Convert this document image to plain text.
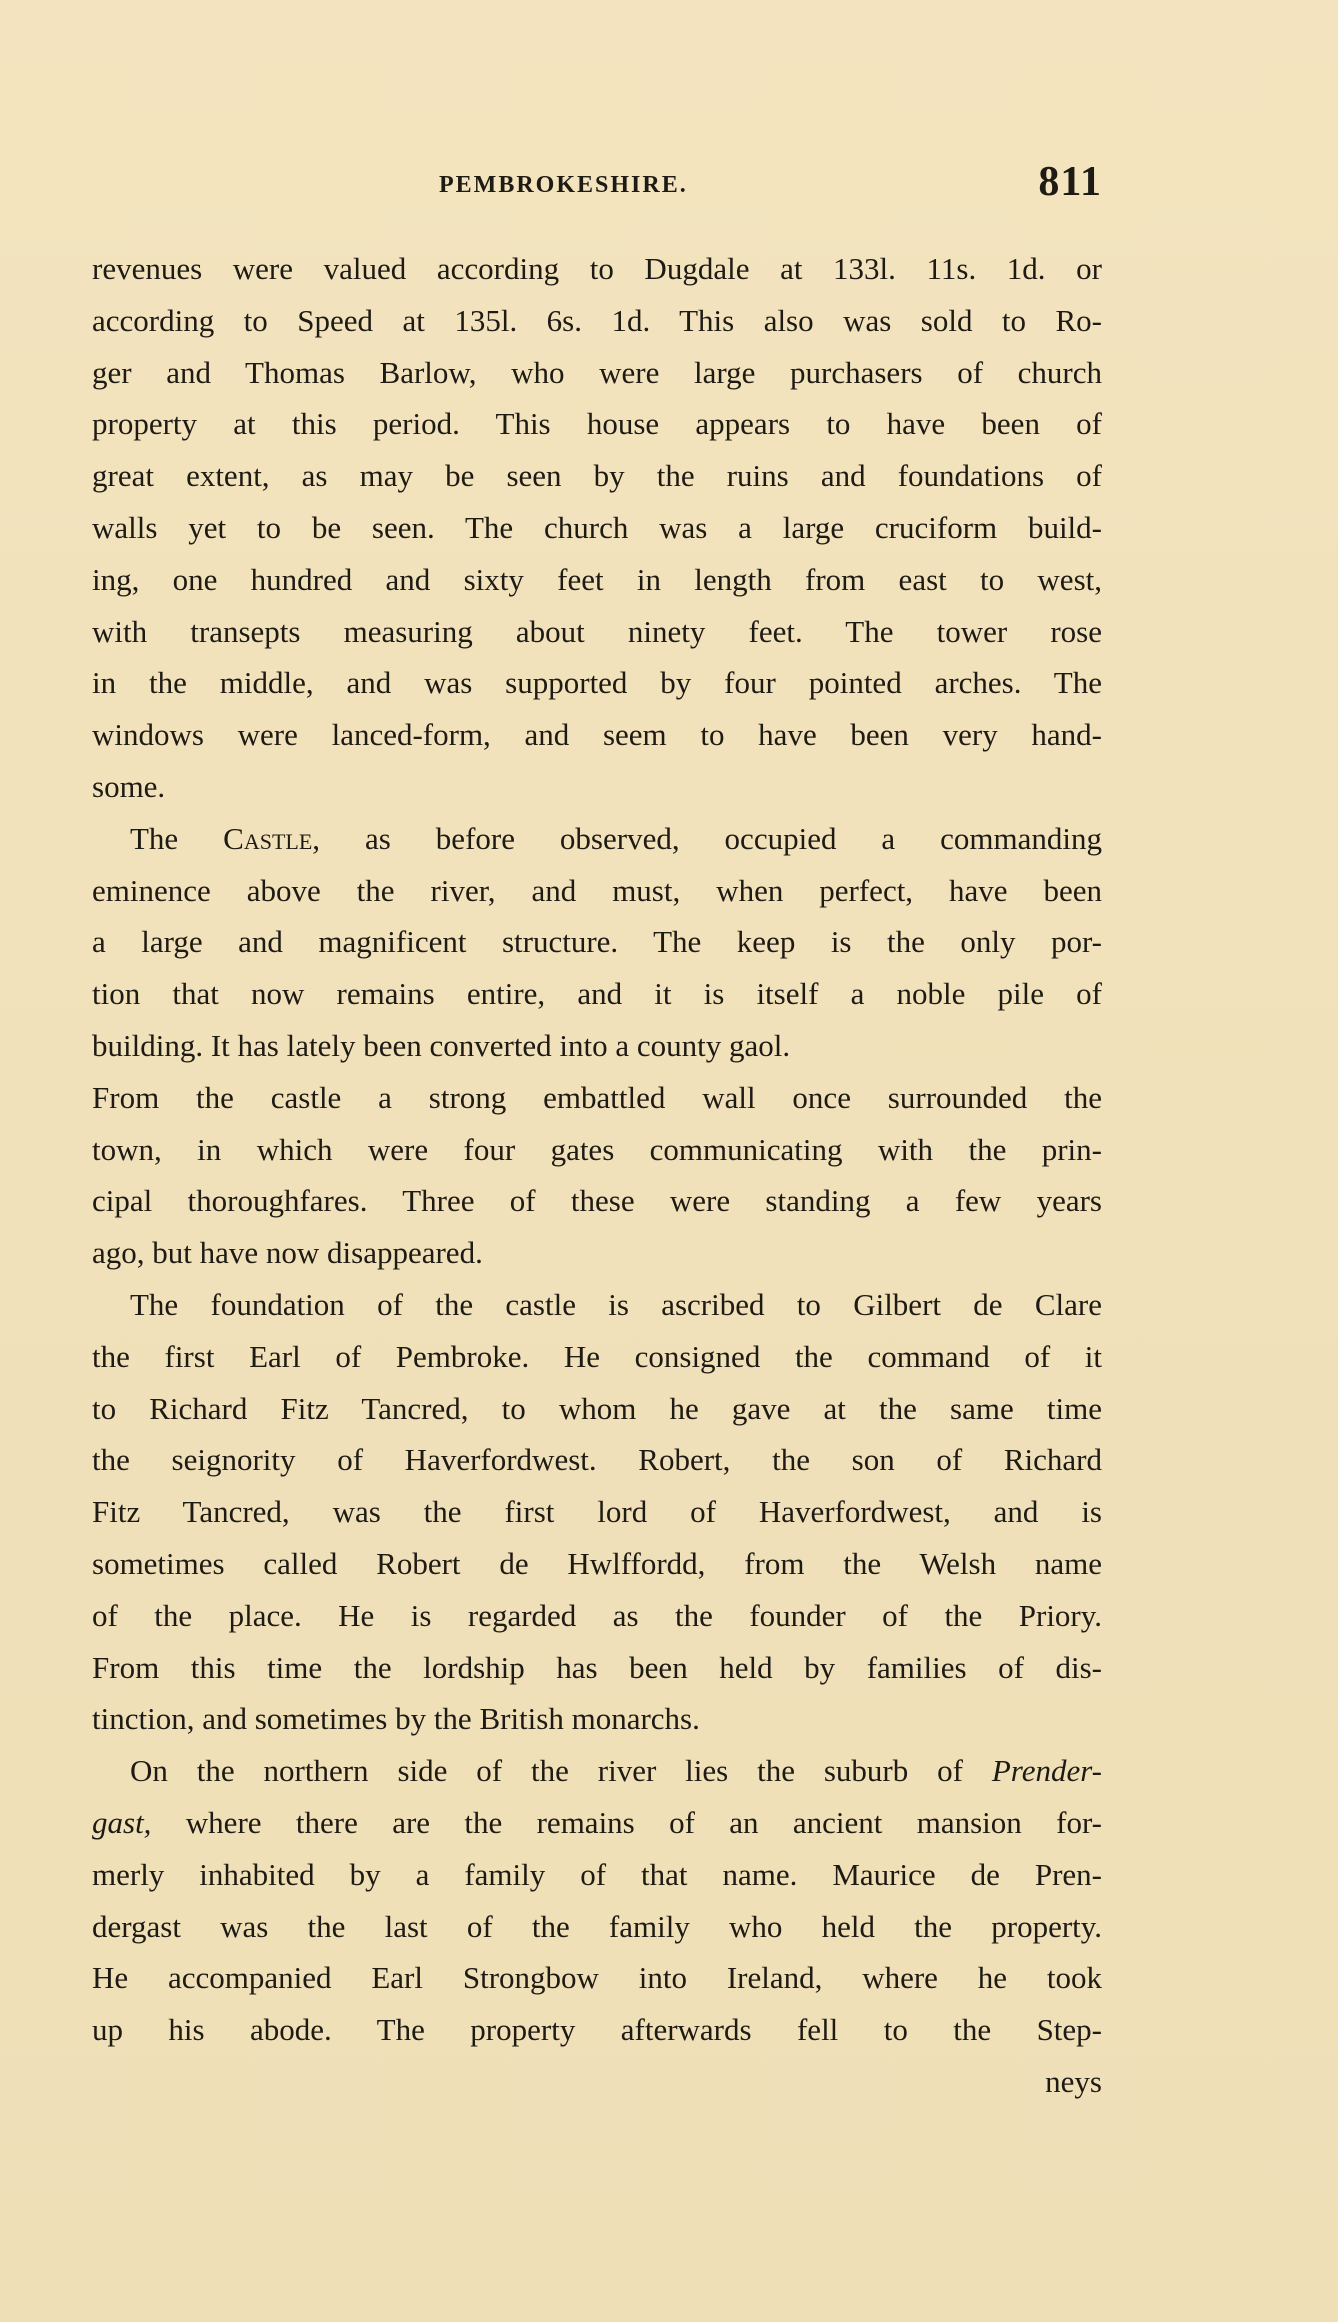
PEMBROKESHIRE.	811
revenues were valued according to Dugdale at 133l. 11s. 1d. or
according to Speed at 135l. 6s. 1d. This also was sold to Ro-
ger and Thomas Barlow, who were large purchasers of church
property at this period. This house appears to have been of
great extent, as may be seen by the ruins and foundations of
walls yet to be seen. The church was a large cruciform build-
ing, one hundred and sixty feet in length from east to west,
with transepts measuring about ninety feet. The tower rose
in the middle, and was supported by four pointed arches. The
windows were lanced-form, and seem to have been very hand-
some.
The Castle, as before observed, occupied a commanding
eminence above the river, and must, when perfect, have been
a large and magnificent structure. The keep is the only por-
tion that now remains entire, and it is itself a noble pile of
building. It has lately been converted into a county gaol.
From the castle a strong embattled wall once surrounded the
town, in which were four gates communicating with the prin-
cipal thoroughfares. Three of these were standing a few years
ago, but have now disappeared.
The foundation of the castle is ascribed to Gilbert de Clare
the first Earl of Pembroke. He consigned the command of it
to Richard Fitz Tancred, to whom he gave at the same time
the seignority of Haverfordwest. Robert, the son of Richard
Fitz Tancred, was the first lord of Haverfordwest, and is
sometimes called Robert de Hwlffordd, from the Welsh name
of the place. He is regarded as the founder of the Priory.
From this time the lordship has been held by families of dis-
tinction, and sometimes by the British monarchs.
On the northern side of the river lies the suburb of Prender-
gast, where there are the remains of an ancient mansion for-
merly inhabited by a family of that name. Maurice de Pren-
dergast was the last of the family who held the property.
He accompanied Earl Strongbow into Ireland, where he took
up his abode. The property afterwards fell to the Step-
neys
